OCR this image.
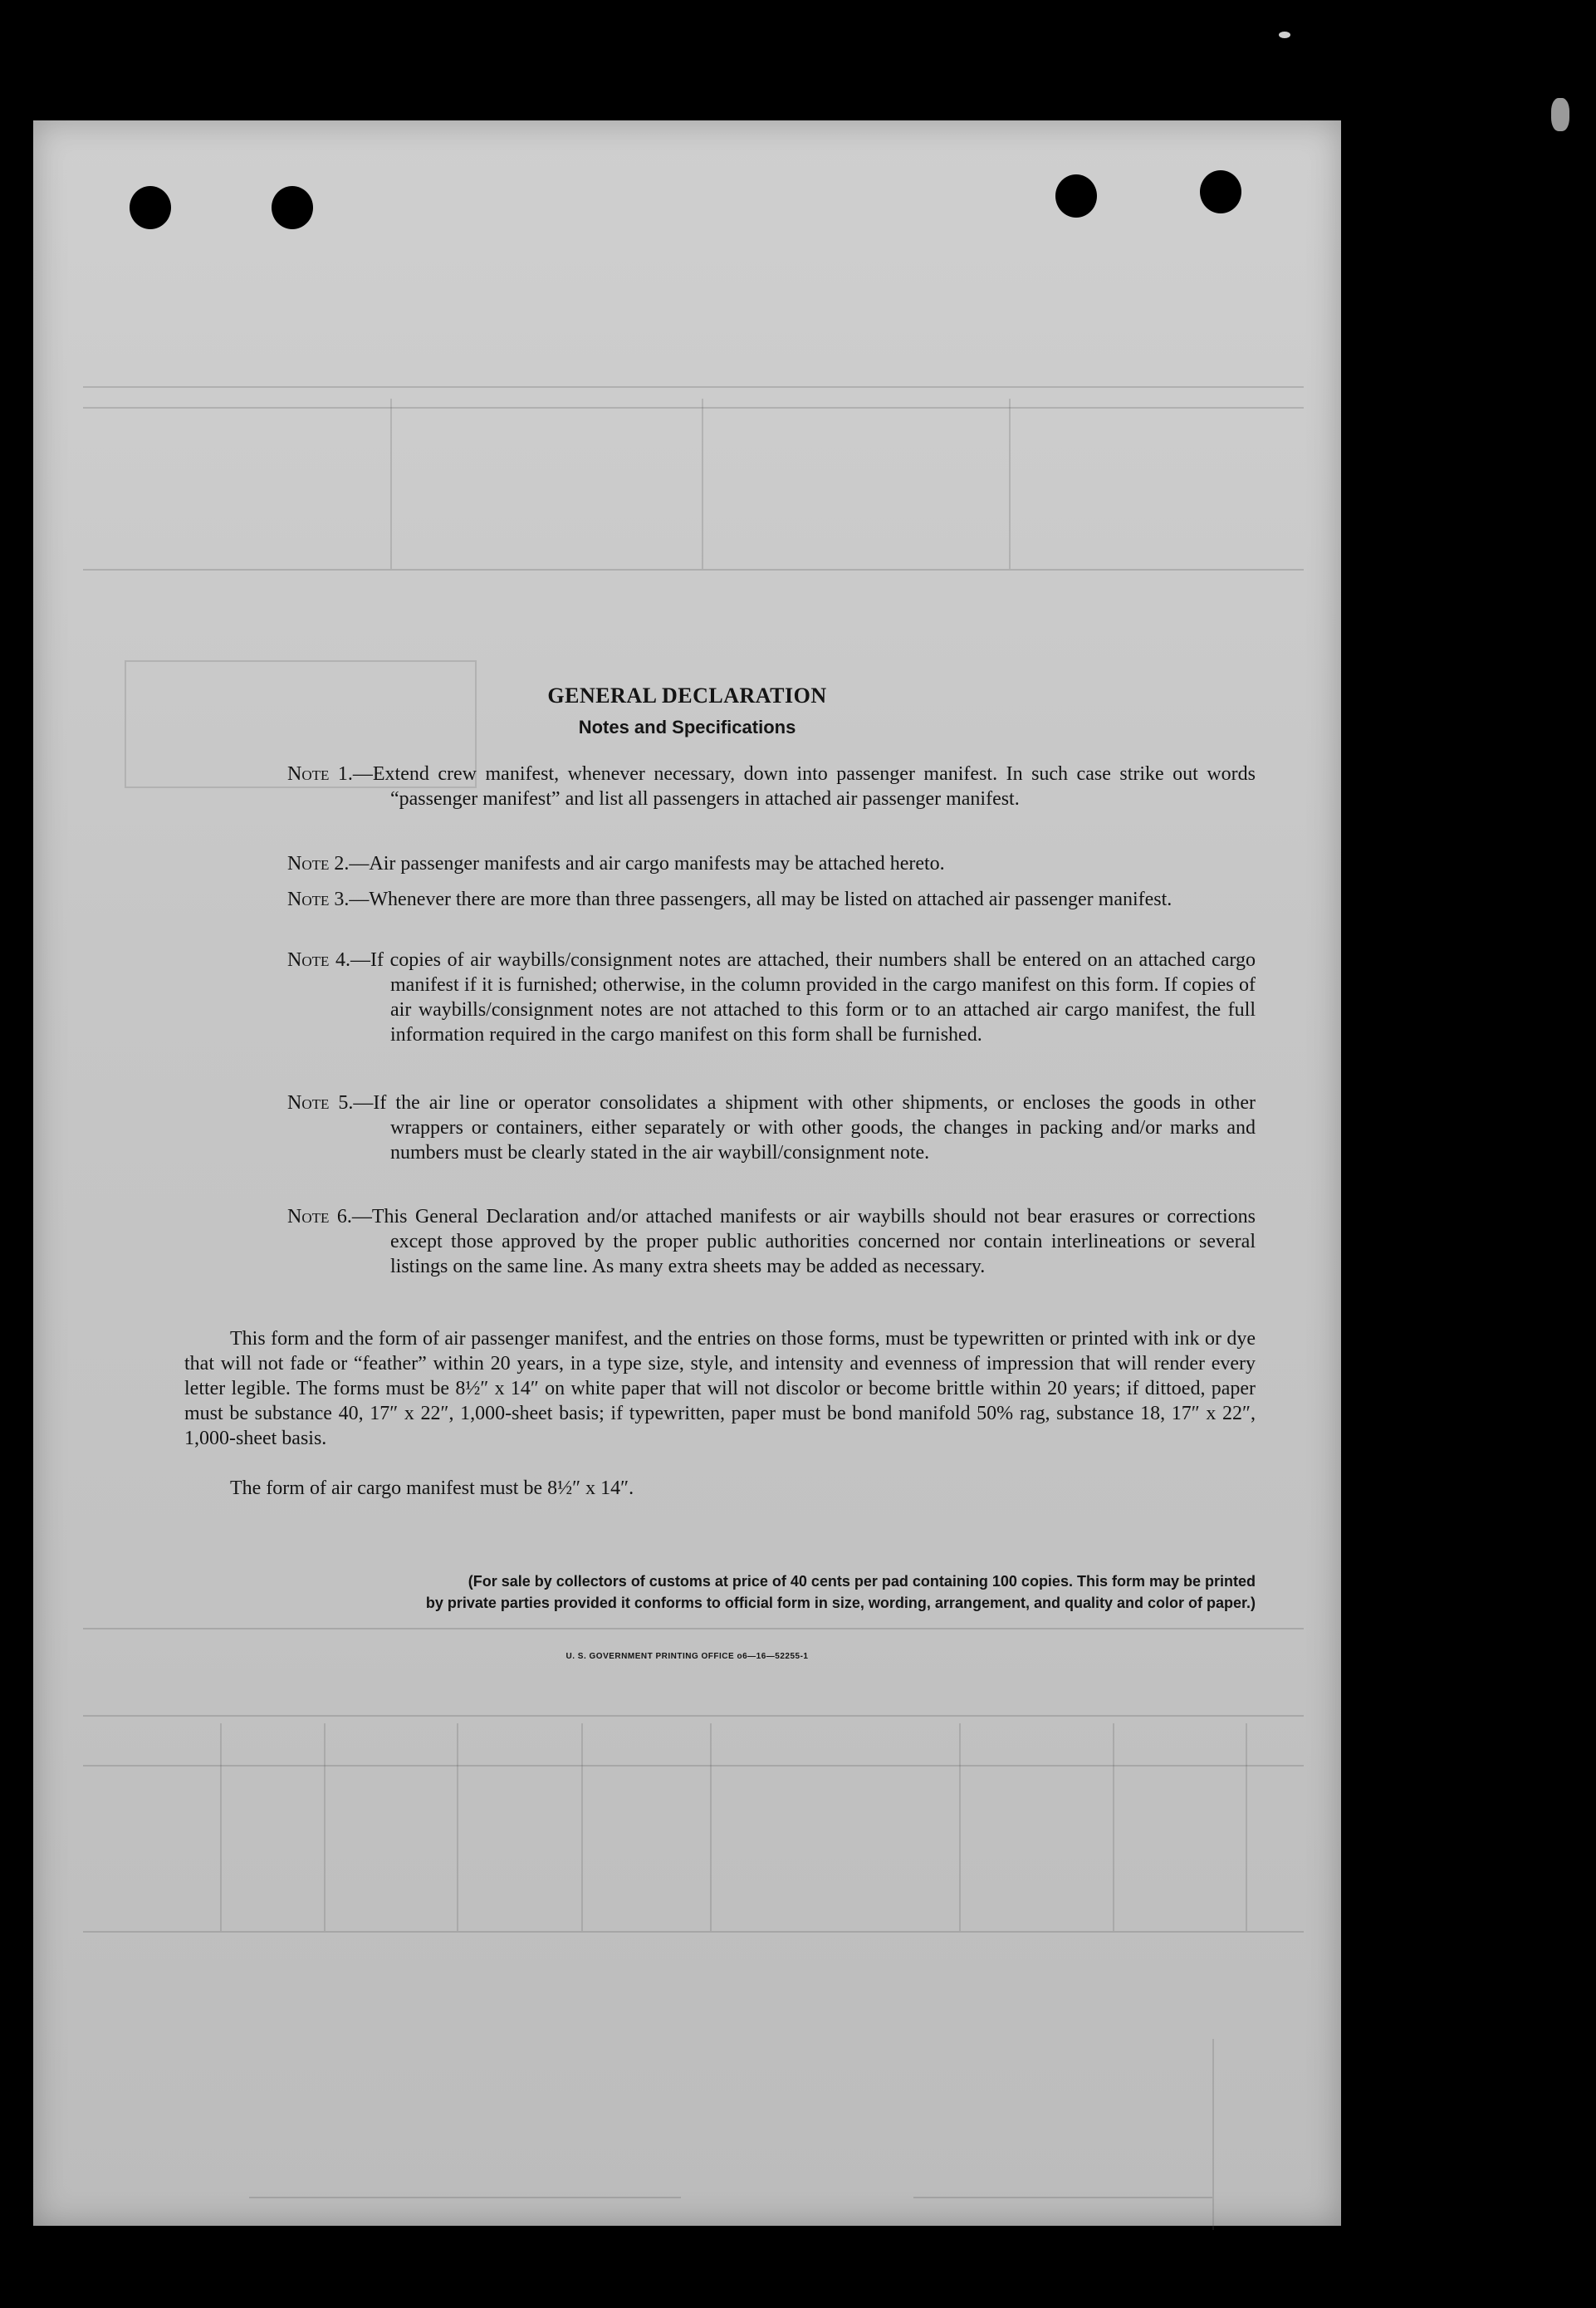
GENERAL DECLARATION
Notes and Specifications
Note 1.—Extend crew manifest, whenever necessary, down into passenger manifest. In such case strike out words “passenger manifest” and list all passengers in attached air passenger manifest.
Note 2.—Air passenger manifests and air cargo manifests may be attached hereto.
Note 3.—Whenever there are more than three passengers, all may be listed on attached air passenger manifest.
Note 4.—If copies of air waybills/consignment notes are attached, their numbers shall be entered on an attached cargo manifest if it is furnished; otherwise, in the column provided in the cargo manifest on this form. If copies of air waybills/consignment notes are not attached to this form or to an attached air cargo manifest, the full information required in the cargo manifest on this form shall be furnished.
Note 5.—If the air line or operator consolidates a shipment with other shipments, or encloses the goods in other wrappers or containers, either separately or with other goods, the changes in packing and/or marks and numbers must be clearly stated in the air waybill/consignment note.
Note 6.—This General Declaration and/or attached manifests or air waybills should not bear erasures or corrections except those approved by the proper public authorities concerned nor contain interlineations or several listings on the same line. As many extra sheets may be added as necessary.
This form and the form of air passenger manifest, and the entries on those forms, must be typewritten or printed with ink or dye that will not fade or “feather” within 20 years, in a type size, style, and intensity and evenness of impression that will render every letter legible. The forms must be 8½″ x 14″ on white paper that will not discolor or become brittle within 20 years; if dittoed, paper must be substance 40, 17″ x 22″, 1,000-sheet basis; if typewritten, paper must be bond manifold 50% rag, substance 18, 17″ x 22″, 1,000-sheet basis.
The form of air cargo manifest must be 8½″ x 14″.
(For sale by collectors of customs at price of 40 cents per pad containing 100 copies. This form may be printed
by private parties provided it conforms to official form in size, wording, arrangement, and quality and color of paper.)
U. S. GOVERNMENT PRINTING OFFICE o6—16—52255-1
